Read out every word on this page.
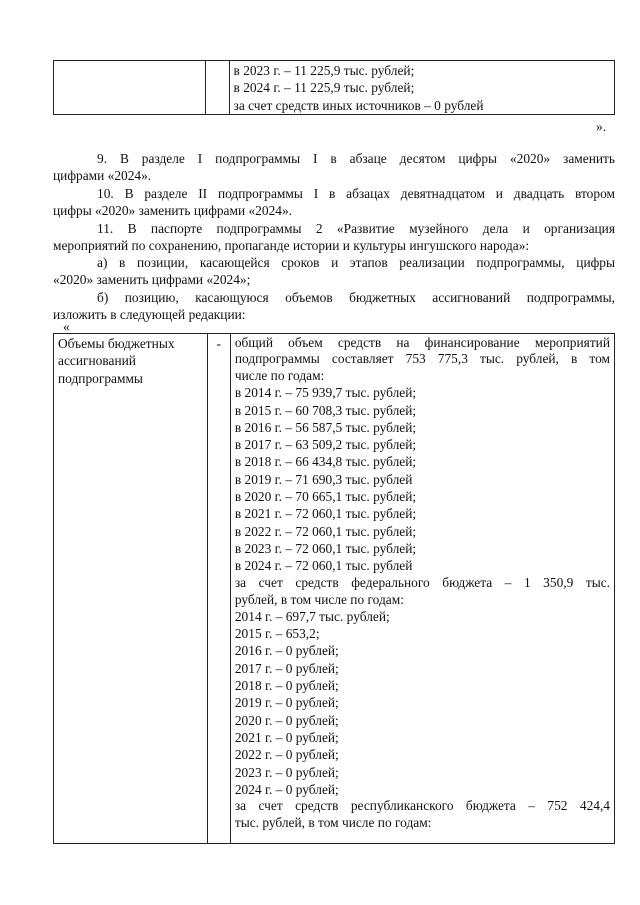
в 2023 г. – 11 225,9 тыс. рублей;
в 2024 г. – 11 225,9 тыс. рублей;
за счет средств иных источников – 0 рублей
».
9. В разделе I подпрограммы I в абзаце десятом цифры «2020» заменить
цифрами «2024».
10. В разделе II подпрограммы I в абзацах девятнадцатом и двадцать втором
цифры «2020» заменить цифрами «2024».
11. В паспорте подпрограммы 2 «Развитие музейного дела и организация
мероприятий по сохранению, пропаганде истории и культуры ингушского народа»:
а) в позиции, касающейся сроков и этапов реализации подпрограммы, цифры
«2020» заменить цифрами «2024»;
б) позицию, касающуюся объемов бюджетных ассигнований подпрограммы,
изложить в следующей редакции:
«
Объемы бюджетных
ассигнований
подпрограммы

-	общий объем средств на финансирование мероприятий
подпрограммы составляет 753 775,3 тыс. рублей, в том
числе по годам:
в 2014 г. – 75 939,7 тыс. рублей;
в 2015 г. – 60 708,3 тыс. рублей;
в 2016 г. – 56 587,5 тыс. рублей;
в 2017 г. – 63 509,2 тыс. рублей;
в 2018 г. – 66 434,8 тыс. рублей;
в 2019 г. – 71 690,3 тыс. рублей
в 2020 г. – 70 665,1 тыс. рублей;
в 2021 г. – 72 060,1 тыс. рублей;
в 2022 г. – 72 060,1 тыс. рублей;
в 2023 г. – 72 060,1 тыс. рублей;
в 2024 г. – 72 060,1 тыс. рублей
за счет средств федерального бюджета – 1 350,9 тыс.
рублей, в том числе по годам:
2014 г. – 697,7 тыс. рублей;
2015 г. – 653,2;
2016 г. – 0 рублей;
2017 г. – 0 рублей;
2018 г. – 0 рублей;
2019 г. – 0 рублей;
2020 г. – 0 рублей;
2021 г. – 0 рублей;
2022 г. – 0 рублей;
2023 г. – 0 рублей;
2024 г. – 0 рублей;
за счет средств республиканского бюджета – 752 424,4
тыс. рублей, в том числе по годам:
